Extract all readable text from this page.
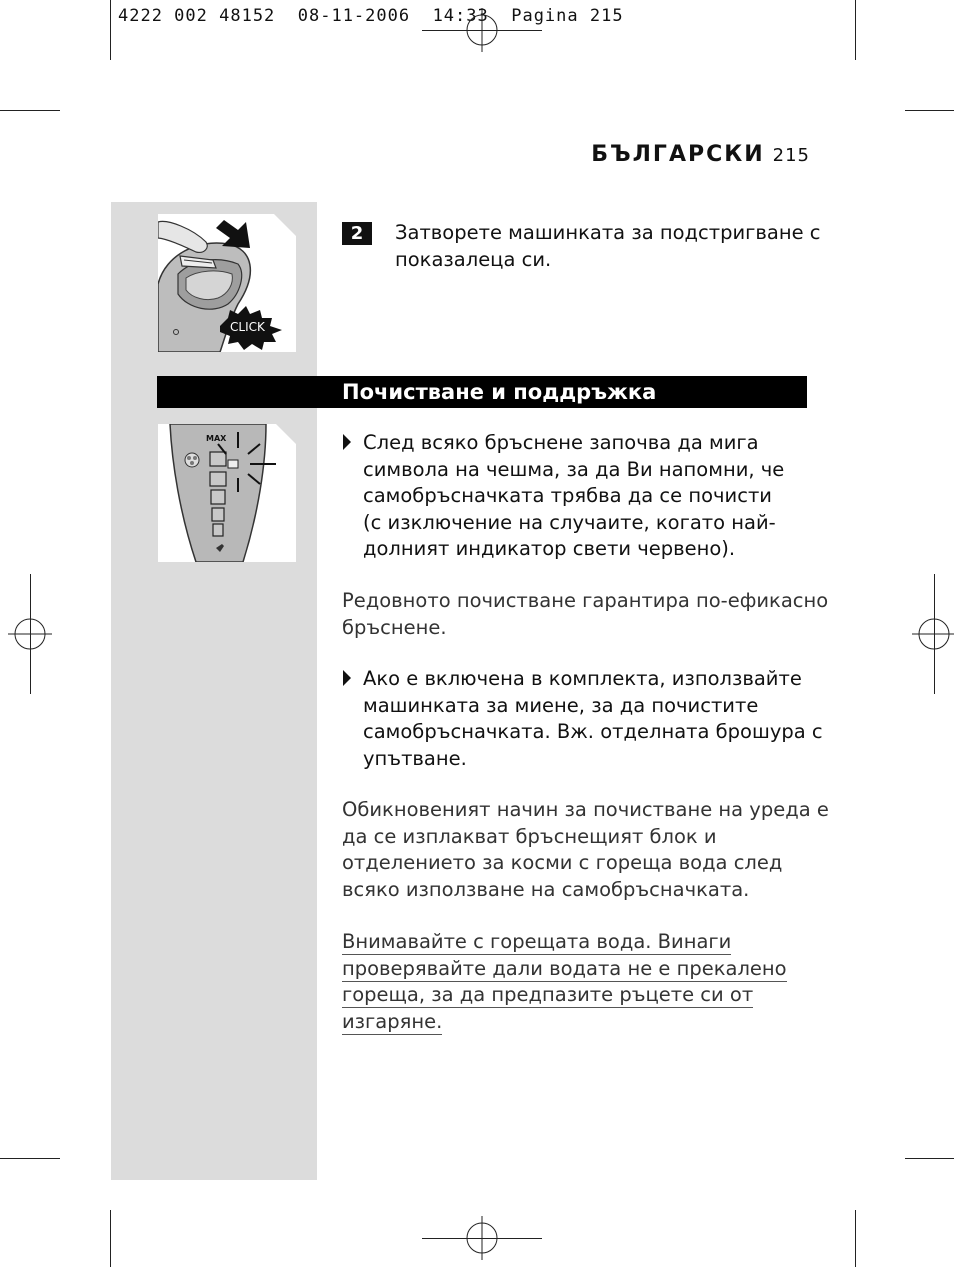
4222 002 48152  08-11-2006  14:33  Pagina 215
БЪЛГАРСКИ 215
CLICK
2	Затворете машинката за подстригване с
показалеца си.
Почистване и поддръжка
MAX	След всяко бръснене започва да мига
символа на чешма, за да Ви напомни, че
самобръсначката трябва да се почисти
(с изключение на случаите, когато най-
долният индикатор свети червено).
Редовното почистване гарантира по-ефикасно
бръснене.
Ако е включена в комплекта, използвайте
машинката за миене, за да почистите
самобръсначката. Вж. отделната брошура с
упътване.
Обикновеният начин за почистване на уреда е
да се изплакват бръснещият блок и
отделението за косми с гореща вода след
всяко използване на самобръсначката.
Внимавайте с горещата вода. Винаги
проверявайте дали водата не е прекалено
гореща, за да предпазите ръцете си от
изгаряне.
